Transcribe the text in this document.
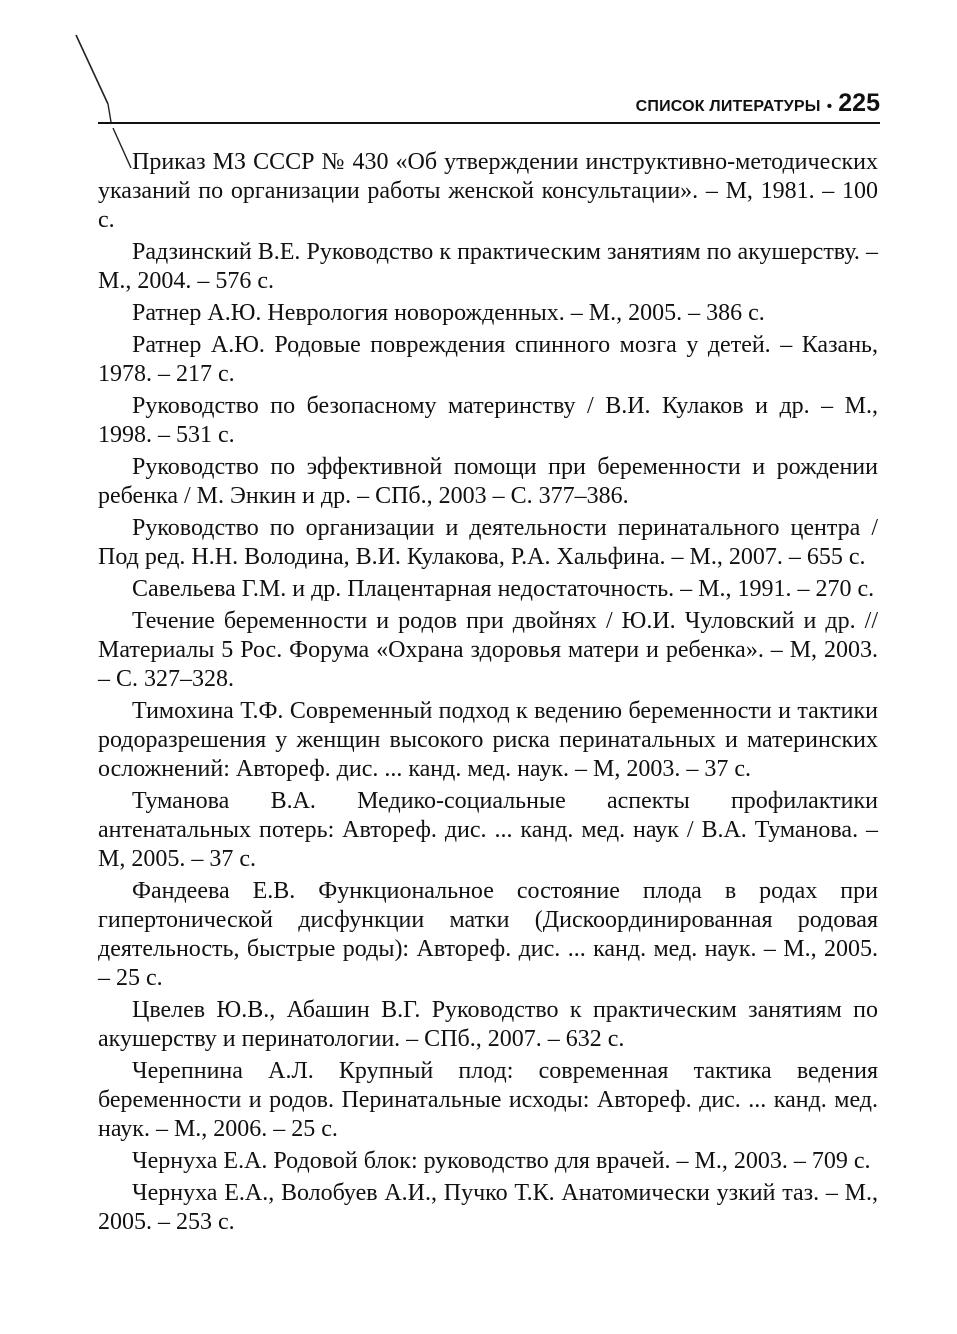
СПИСОК ЛИТЕРАТУРЫ • 225

Приказ МЗ СССР № 430 «Об утверждении инструктивно-методических указаний по организации работы женской консультации». – М, 1981. – 100 с.

Радзинский В.Е. Руководство к практическим занятиям по акушерству. – М., 2004. – 576 с.

Ратнер А.Ю. Неврология новорожденных. – М., 2005. – 386 с.

Ратнер А.Ю. Родовые повреждения спинного мозга у детей. – Казань, 1978. – 217 с.

Руководство по безопасному материнству / В.И. Кулаков и др. – М., 1998. – 531 с.

Руководство по эффективной помощи при беременности и рождении ребенка / М. Энкин и др. – СПб., 2003 – С. 377–386.

Руководство по организации и деятельности перинатального центра / Под ред. Н.Н. Володина, В.И. Кулакова, Р.А. Хальфина. – М., 2007. – 655 с.

Савельева Г.М. и др. Плацентарная недостаточность. – М., 1991. – 270 с.

Течение беременности и родов при двойнях / Ю.И. Чуловский и др. // Материалы 5 Рос. Форума «Охрана здоровья матери и ребенка». – М, 2003. – С. 327–328.

Тимохина Т.Ф. Современный подход к ведению беременности и тактики родоразрешения у женщин высокого риска перинатальных и материнских осложнений: Автореф. дис. ... канд. мед. наук. – М, 2003. – 37 с.

Туманова В.А. Медико-социальные аспекты профилактики антенатальных потерь: Автореф. дис. ... канд. мед. наук / В.А. Туманова. – М, 2005. – 37 с.

Фандеева Е.В. Функциональное состояние плода в родах при гипертонической дисфункции матки (Дискоординированная родовая деятельность, быстрые роды): Автореф. дис. ... канд. мед. наук. – М., 2005. – 25 с.

Цвелев Ю.В., Абашин В.Г. Руководство к практическим занятиям по акушерству и перинатологии. – СПб., 2007. – 632 с.

Черепнина А.Л. Крупный плод: современная тактика ведения беременности и родов. Перинатальные исходы: Автореф. дис. ... канд. мед. наук. – М., 2006. – 25 с.

Чернуха Е.А. Родовой блок: руководство для врачей. – М., 2003. – 709 с.

Чернуха Е.А., Волобуев А.И., Пучко Т.К. Анатомически узкий таз. – М., 2005. – 253 с.
